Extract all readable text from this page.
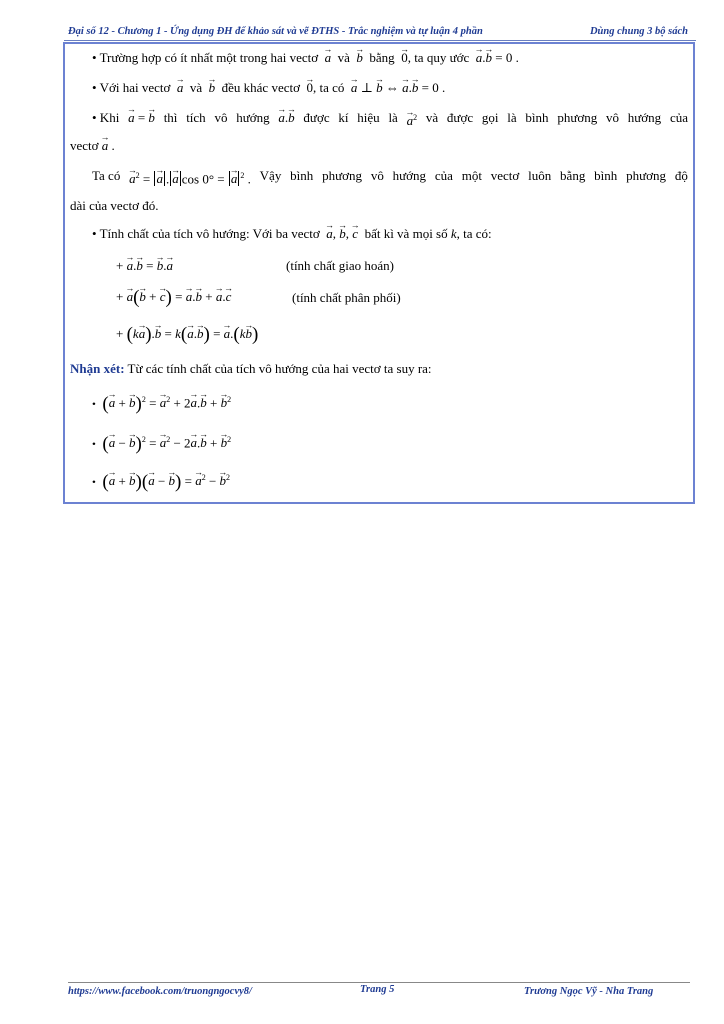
Đại số 12 - Chương 1 - Ứng dụng ĐH để khảo sát và vẽ ĐTHS - Trắc nghiệm và tự luận 4 phần	Dùng chung 3 bộ sách
• Trường hợp có ít nhất một trong hai vectơ → a và → b bằng → 0, ta quy ước → a.→ b = 0 .
• Với hai vectơ → a và → b đều khác vectơ → 0, ta có → a ⊥ → b ⇔ → a.→ b = 0 .
• Khi → a = → b thì tích vô hướng → a.→ b được kí hiệu là → $a^2$ và được gọi là bình phương vô hướng của
vectơ → a .
Ta có → $a^2$ = → a . → a cos 0° = → a $^2$ . Vậy bình phương vô hướng của một vectơ luôn bằng bình phương độ
dài của vectơ đó.
• Tính chất của tích vô hướng: Với ba vectơ → a, → b, → c bất kì và mọi số k, ta có:
+ → a.→ b = → b.→ a	(tính chất giao hoán)
+ → a(→ b + → c) = → a.→ b + → a.→ c	(tính chất phân phối)
+ (k→ a).→ b = k(→ a.→ b) = → a.(k→ b)
Nhận xét: Từ các tính chất của tích vô hướng của hai vectơ ta suy ra:
• (→ a + → b)$^2$ = → $a^2 + 2\to a.\to b$ + → $b^2$
• (→ a − → b)$^2$ = → $a^2 - 2\to a.\to b$ + → $b^2$
• (→ a + → b)(→ a − → b) = → $a^2$ − → $b^2$
https://www.facebook.com/truongngocvy8/	Trang 5	Trương Ngọc Vỹ - Nha Trang
